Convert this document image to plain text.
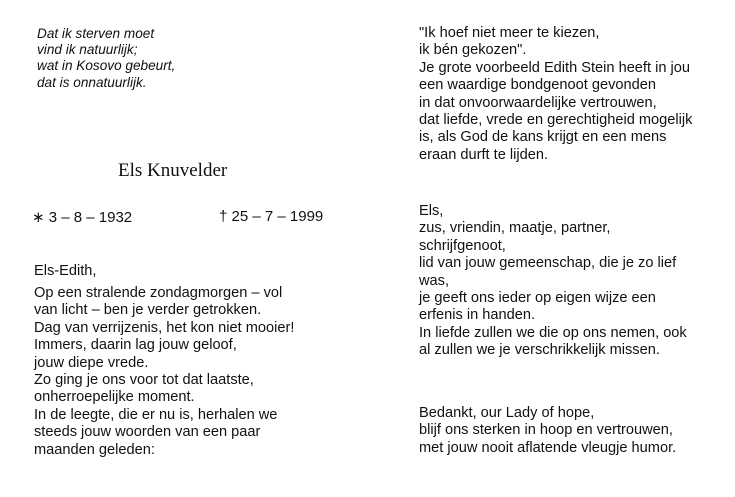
Dat ik sterven moet
vind ik natuurlijk;
wat in Kosovo gebeurt,
dat is onnatuurlijk.
Els Knuvelder
∗ 3 – 8 – 1932	† 25 – 7 – 1999
Els-Edith,
Op een stralende zondagmorgen – vol
van licht – ben je verder getrokken.
Dag van verrijzenis, het kon niet mooier!
Immers, daarin lag jouw geloof,
jouw diepe vrede.
Zo ging je ons voor tot dat laatste,
onherroepelijke moment.
In de leegte, die er nu is, herhalen we
steeds jouw woorden van een paar
maanden geleden:
"Ik hoef niet meer te kiezen,
ik bén gekozen".
Je grote voorbeeld Edith Stein heeft in jou
een waardige bondgenoot gevonden
in dat onvoorwaardelijke vertrouwen,
dat liefde, vrede en gerechtigheid mogelijk
is, als God de kans krijgt en een mens
eraan durft te lijden.
Els,
zus, vriendin, maatje, partner,
schrijfgenoot,
lid van jouw gemeenschap, die je zo lief
was,
je geeft ons ieder op eigen wijze een
erfenis in handen.
In liefde zullen we die op ons nemen, ook
al zullen we je verschrikkelijk missen.
Bedankt, our Lady of hope,
blijf ons sterken in hoop en vertrouwen,
met jouw nooit aflatende vleugje humor.
